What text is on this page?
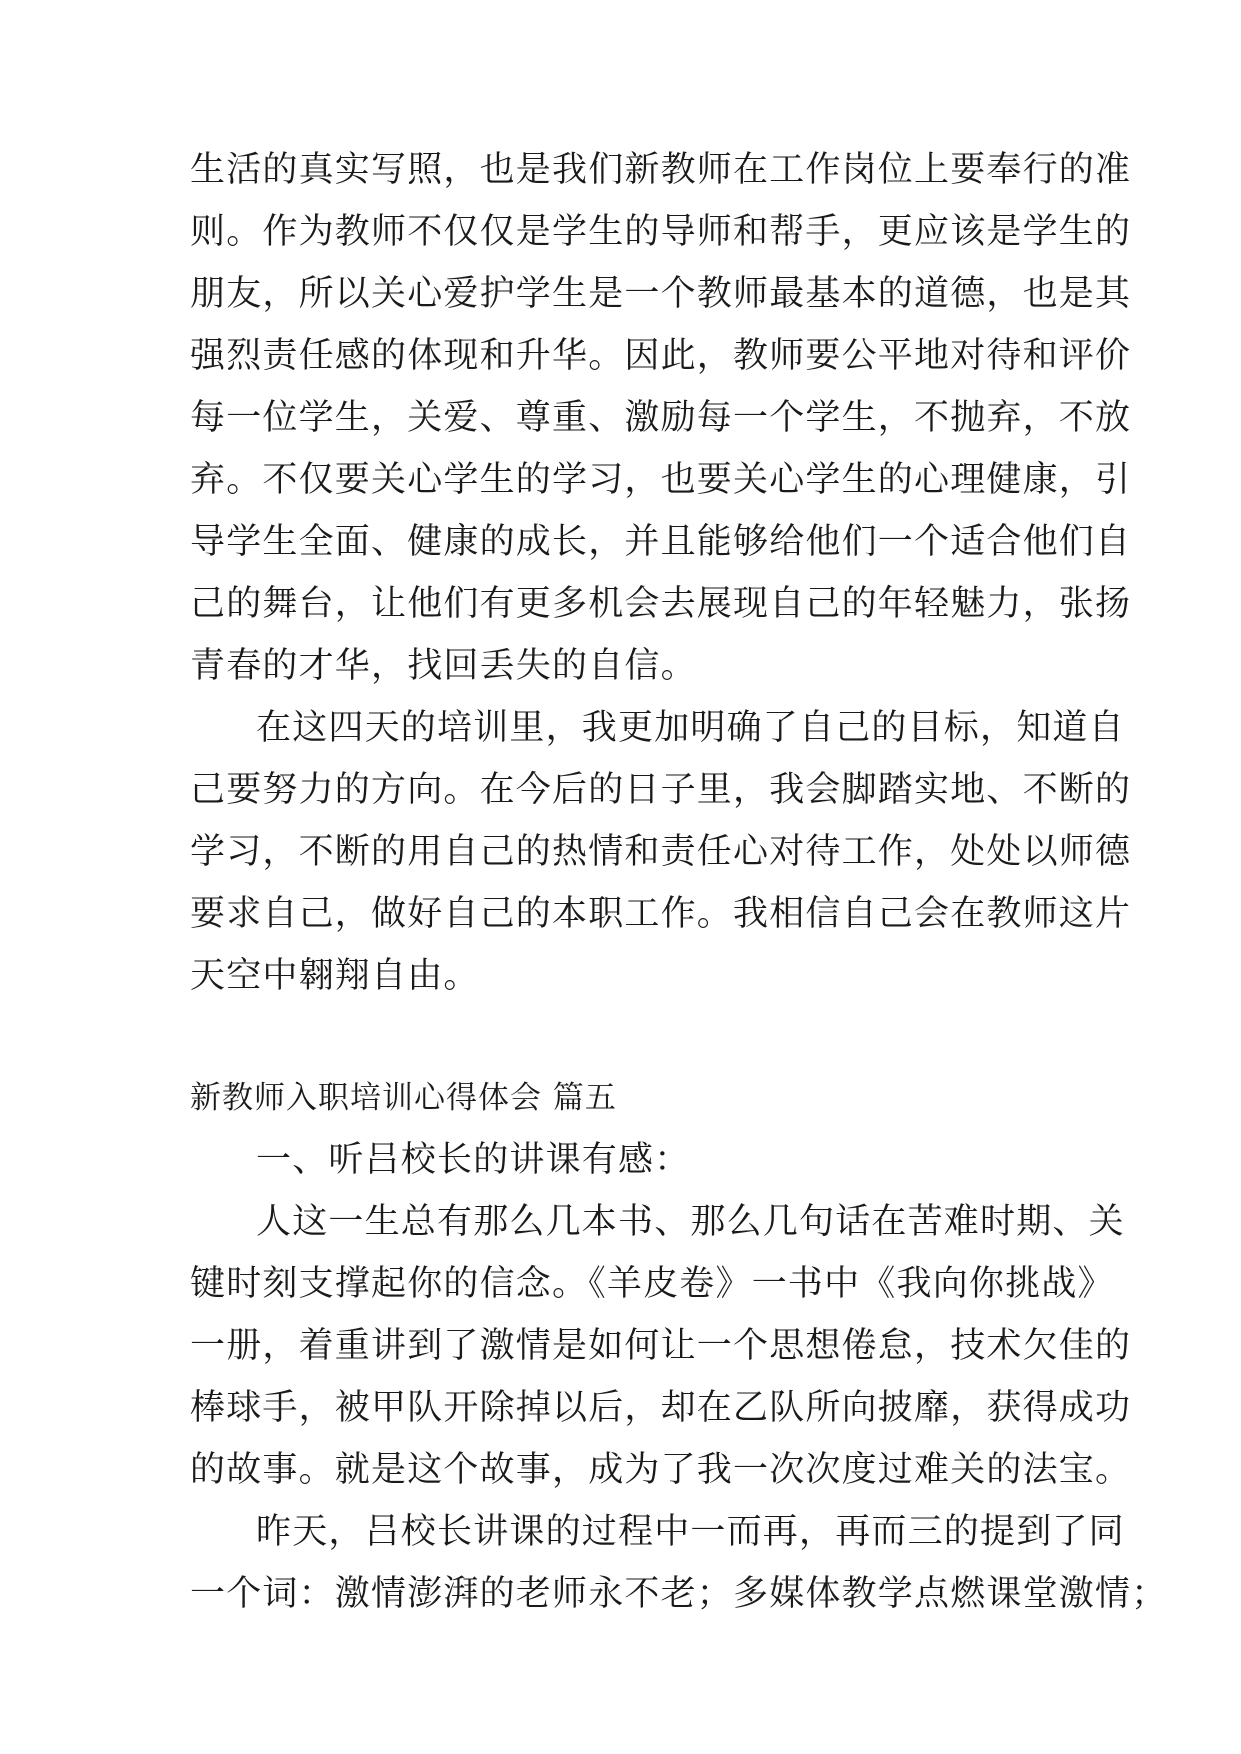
生活的真实写照，也是我们新教师在工作岗位上要奉行的准
则。作为教师不仅仅是学生的导师和帮手，更应该是学生的
朋友，所以关心爱护学生是一个教师最基本的道德，也是其
强烈责任感的体现和升华。因此，教师要公平地对待和评价
每一位学生，关爱、尊重、激励每一个学生，不抛弃，不放
弃。不仅要关心学生的学习，也要关心学生的心理健康，引
导学生全面、健康的成长，并且能够给他们一个适合他们自
己的舞台，让他们有更多机会去展现自己的年轻魅力，张扬
青春的才华，找回丢失的自信。
在这四天的培训里，我更加明确了自己的目标，知道自
己要努力的方向。在今后的日子里，我会脚踏实地、不断的
学习，不断的用自己的热情和责任心对待工作，处处以师德
要求自己，做好自己的本职工作。我相信自己会在教师这片
天空中翱翔自由。
新教师入职培训心得体会 篇五
一、听吕校长的讲课有感：
人这一生总有那么几本书、那么几句话在苦难时期、关
键时刻支撑起你的信念。《羊皮卷》一书中《我向你挑战》
一册，着重讲到了激情是如何让一个思想倦怠，技术欠佳的
棒球手，被甲队开除掉以后，却在乙队所向披靡，获得成功
的故事。就是这个故事，成为了我一次次度过难关的法宝。
昨天，吕校长讲课的过程中一而再，再而三的提到了同
一个词：激情澎湃的老师永不老；多媒体教学点燃课堂激情；
